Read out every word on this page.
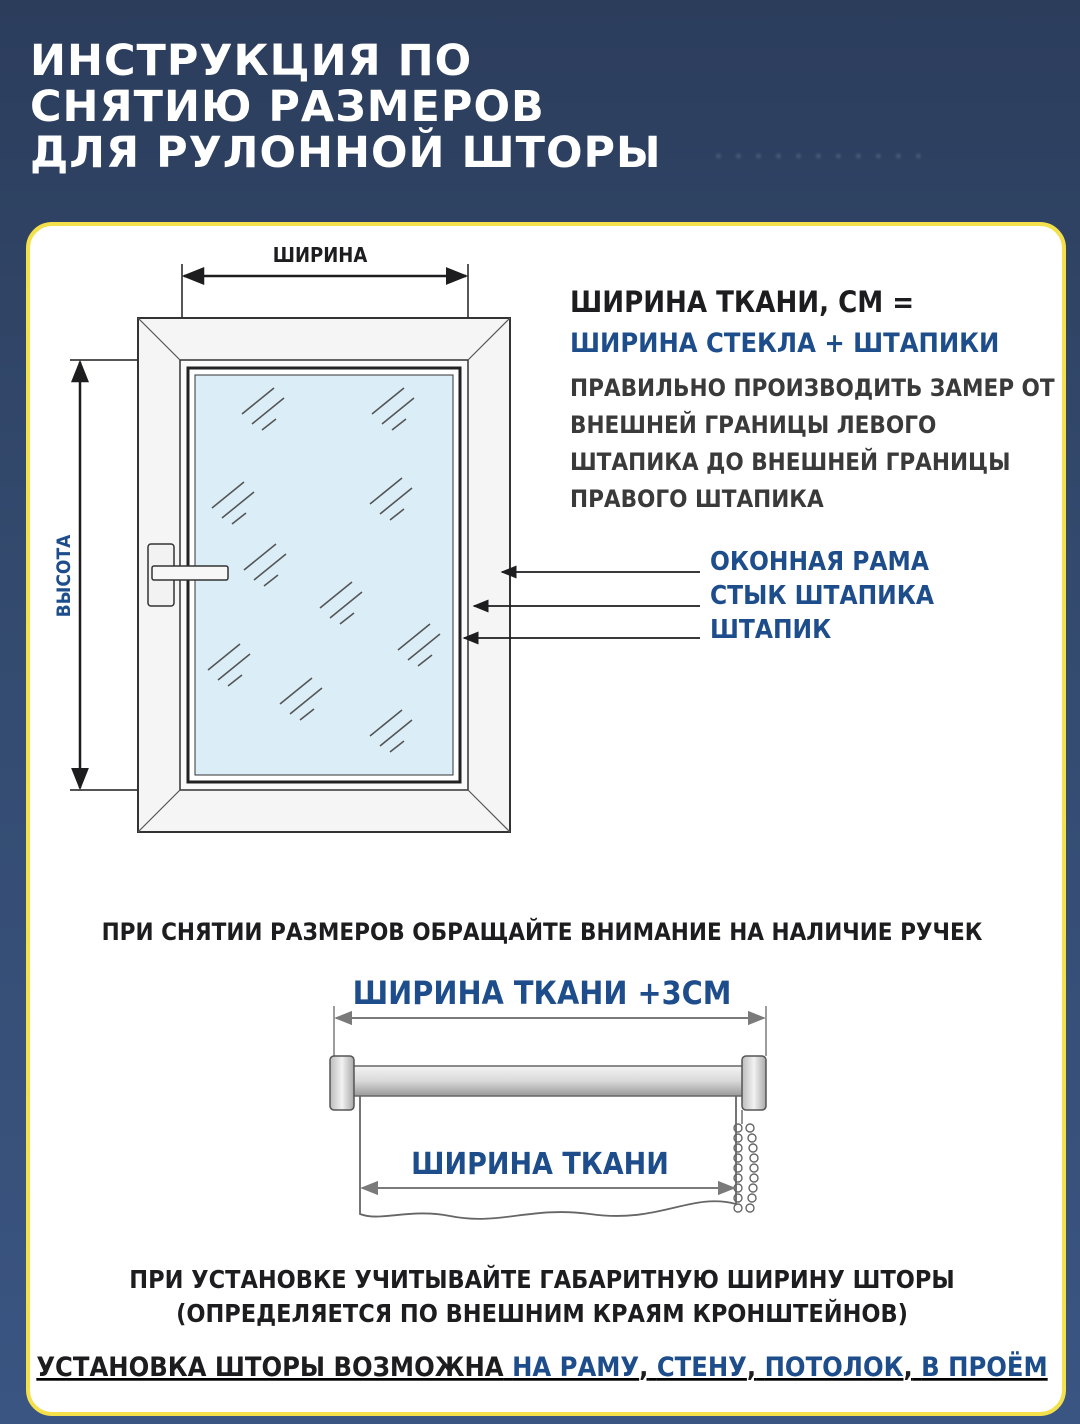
ИНСТРУКЦИЯ ПО
СНЯТИЮ РАЗМЕРОВ
ДЛЯ РУЛОННОЙ ШТОРЫ · · · · · · · · · · ·
ШИРИНА
ВЫСОТА	ОКОННАЯ РАМА
СТЫК ШТАПИКА
ШТАПИК
ШИРИНА ТКАНИ, СМ =
ШИРИНА СТЕКЛА + ШТАПИКИ
ПРАВИЛЬНО ПРОИЗВОДИТЬ ЗАМЕР ОТ
ВНЕШНЕЙ ГРАНИЦЫ ЛЕВОГО
ШТАПИКА ДО ВНЕШНЕЙ ГРАНИЦЫ
ПРАВОГО ШТАПИКА
ПРИ СНЯТИИ РАЗМЕРОВ ОБРАЩАЙТЕ ВНИМАНИЕ НА НАЛИЧИЕ РУЧЕК
ШИРИНА ТКАНИ +3СМ
ШИРИНА ТКАНИ
ПРИ УСТАНОВКЕ УЧИТЫВАЙТЕ ГАБАРИТНУЮ ШИРИНУ ШТОРЫ
(ОПРЕДЕЛЯЕТСЯ ПО ВНЕШНИМ КРАЯМ КРОНШТЕЙНОВ)
УСТАНОВКА ШТОРЫ ВОЗМОЖНА НА РАМУ, СТЕНУ, ПОТОЛОК, В ПРОЁМ
